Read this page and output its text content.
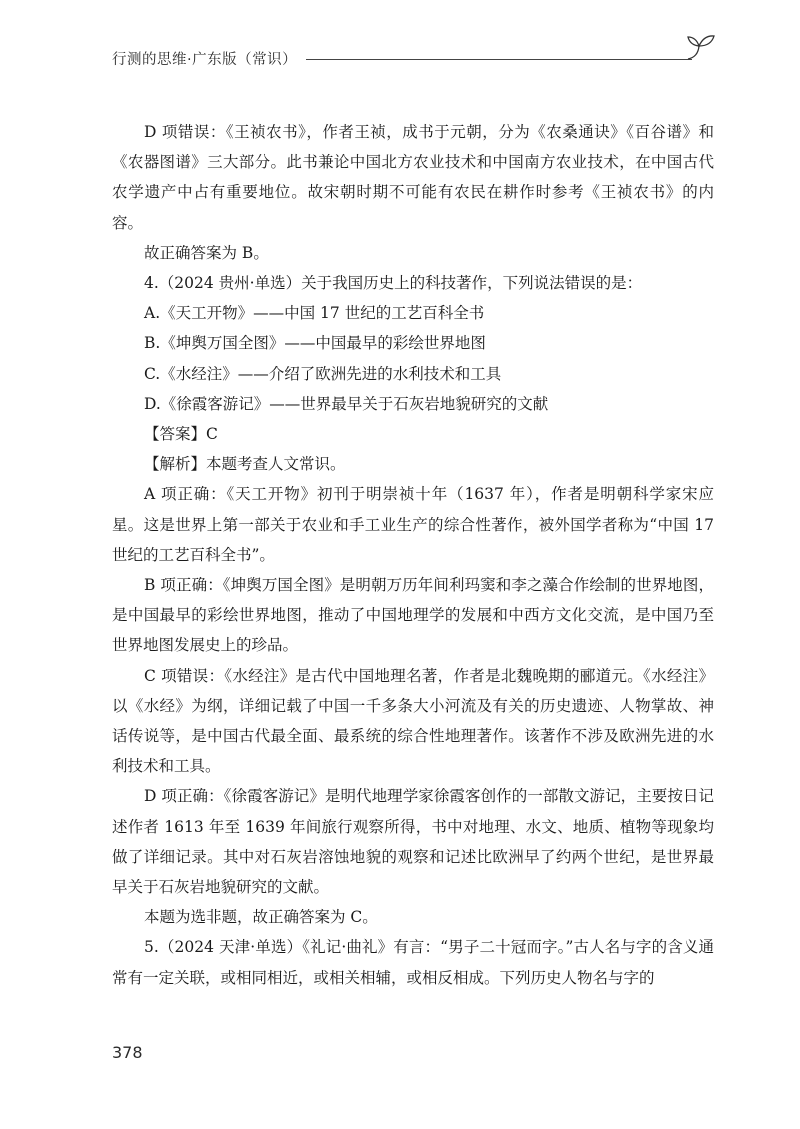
行测的思维·广东版（常识）

D 项错误：《王祯农书》，作者王祯，成书于元朝，分为《农桑通诀》《百谷谱》和《农器图谱》三大部分。此书兼论中国北方农业技术和中国南方农业技术，在中国古代农学遗产中占有重要地位。故宋朝时期不可能有农民在耕作时参考《王祯农书》的内容。

故正确答案为 B。

4.（2024 贵州·单选）关于我国历史上的科技著作，下列说法错误的是：

A.《天工开物》——中国 17 世纪的工艺百科全书

B.《坤舆万国全图》——中国最早的彩绘世界地图

C.《水经注》——介绍了欧洲先进的水利技术和工具

D.《徐霞客游记》——世界最早关于石灰岩地貌研究的文献

【答案】C

【解析】本题考查人文常识。

A 项正确：《天工开物》初刊于明崇祯十年（1637 年），作者是明朝科学家宋应星。这是世界上第一部关于农业和手工业生产的综合性著作，被外国学者称为“中国 17 世纪的工艺百科全书”。

B 项正确：《坤舆万国全图》是明朝万历年间利玛窦和李之藻合作绘制的世界地图，是中国最早的彩绘世界地图，推动了中国地理学的发展和中西方文化交流，是中国乃至世界地图发展史上的珍品。

C 项错误：《水经注》是古代中国地理名著，作者是北魏晚期的郦道元。《水经注》以《水经》为纲，详细记载了中国一千多条大小河流及有关的历史遗迹、人物掌故、神话传说等，是中国古代最全面、最系统的综合性地理著作。该著作不涉及欧洲先进的水利技术和工具。

D 项正确：《徐霞客游记》是明代地理学家徐霞客创作的一部散文游记，主要按日记述作者 1613 年至 1639 年间旅行观察所得，书中对地理、水文、地质、植物等现象均做了详细记录。其中对石灰岩溶蚀地貌的观察和记述比欧洲早了约两个世纪，是世界最早关于石灰岩地貌研究的文献。

本题为选非题，故正确答案为 C。

5.（2024 天津·单选）《礼记·曲礼》有言：“男子二十冠而字。”古人名与字的含义通常有一定关联，或相同相近，或相关相辅，或相反相成。下列历史人物名与字的

378
